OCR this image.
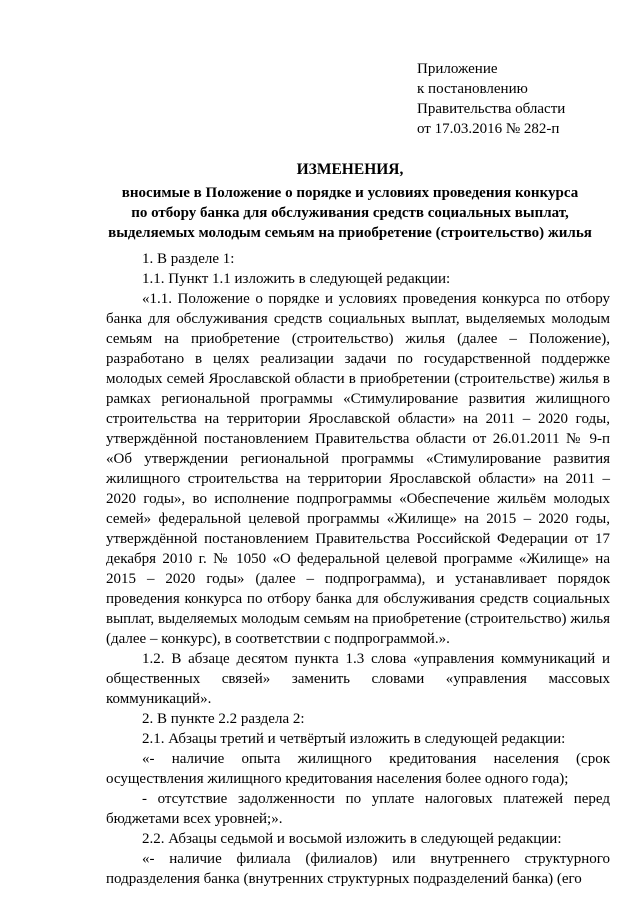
Приложение
к постановлению
Правительства области
от 17.03.2016 № 282-п
ИЗМЕНЕНИЯ,
вносимые в Положение о порядке и условиях проведения конкурса
по отбору банка для обслуживания средств социальных выплат,
выделяемых молодым семьям на приобретение (строительство) жилья

1. В разделе 1:

1.1. Пункт 1.1 изложить в следующей редакции:

«1.1. Положение о порядке и условиях проведения конкурса по отбору банка для обслуживания средств социальных выплат, выделяемых молодым семьям на приобретение (строительство) жилья (далее – Положение), разработано в целях реализации задачи по государственной поддержке молодых семей Ярославской области в приобретении (строительстве) жилья в рамках региональной программы «Стимулирование развития жилищного строительства на территории Ярославской области» на 2011 – 2020 годы, утверждённой постановлением Правительства области от 26.01.2011 № 9-п «Об утверждении региональной программы «Стимулирование развития жилищного строительства на территории Ярославской области» на 2011 – 2020 годы», во исполнение подпрограммы «Обеспечение жильём молодых семей» федеральной целевой программы «Жилище» на 2015 – 2020 годы, утверждённой постановлением Правительства Российской Федерации от 17 декабря 2010 г. № 1050 «О федеральной целевой программе «Жилище» на 2015 – 2020 годы» (далее – подпрограмма), и устанавливает порядок проведения конкурса по отбору банка для обслуживания средств социальных выплат, выделяемых молодым семьям на приобретение (строительство) жилья (далее – конкурс), в соответствии с подпрограммой.».

1.2. В абзаце десятом пункта 1.3 слова «управления коммуникаций и общественных связей» заменить словами «управления массовых коммуникаций».

2. В пункте 2.2 раздела 2:

2.1. Абзацы третий и четвёртый изложить в следующей редакции:

«- наличие опыта жилищного кредитования населения (срок осуществления жилищного кредитования населения более одного года);

- отсутствие задолженности по уплате налоговых платежей перед бюджетами всех уровней;».

2.2. Абзацы седьмой и восьмой изложить в следующей редакции:

«- наличие филиала (филиалов) или внутреннего структурного подразделения банка (внутренних структурных подразделений банка) (его
